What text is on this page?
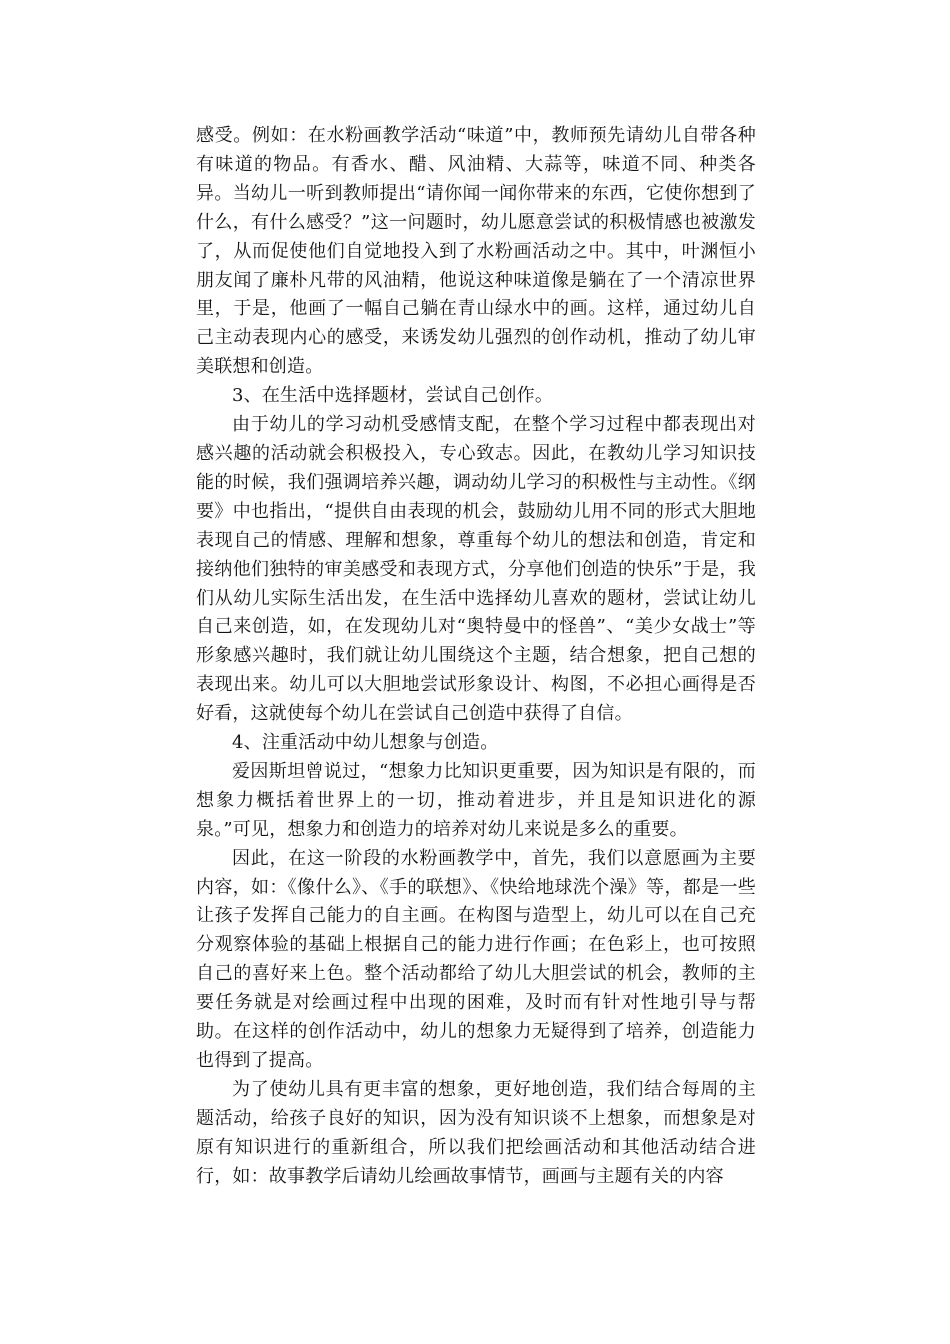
感受。例如：在水粉画教学活动“味道”中，教师预先请幼儿自带各种有味道的物品。有香水、醋、风油精、大蒜等，味道不同、种类各异。当幼儿一听到教师提出“请你闻一闻你带来的东西，它使你想到了什么，有什么感受？”这一问题时，幼儿愿意尝试的积极情感也被激发了，从而促使他们自觉地投入到了水粉画活动之中。其中，叶渊恒小朋友闻了廉朴凡带的风油精，他说这种味道像是躺在了一个清凉世界里，于是，他画了一幅自己躺在青山绿水中的画。这样，通过幼儿自己主动表现内心的感受，来诱发幼儿强烈的创作动机，推动了幼儿审美联想和创造。

3、在生活中选择题材，尝试自己创作。

由于幼儿的学习动机受感情支配，在整个学习过程中都表现出对感兴趣的活动就会积极投入，专心致志。因此，在教幼儿学习知识技能的时候，我们强调培养兴趣，调动幼儿学习的积极性与主动性。《纲要》中也指出，“提供自由表现的机会，鼓励幼儿用不同的形式大胆地表现自己的情感、理解和想象，尊重每个幼儿的想法和创造，肯定和接纳他们独特的审美感受和表现方式，分享他们创造的快乐”于是，我们从幼儿实际生活出发，在生活中选择幼儿喜欢的题材，尝试让幼儿自己来创造，如，在发现幼儿对“奥特曼中的怪兽”、“美少女战士”等形象感兴趣时，我们就让幼儿围绕这个主题，结合想象，把自己想的表现出来。幼儿可以大胆地尝试形象设计、构图，不必担心画得是否好看，这就使每个幼儿在尝试自己创造中获得了自信。

4、注重活动中幼儿想象与创造。

爱因斯坦曾说过，“想象力比知识更重要，因为知识是有限的，而想象力概括着世界上的一切，推动着进步，并且是知识进化的源泉。”可见，想象力和创造力的培养对幼儿来说是多么的重要。

因此，在这一阶段的水粉画教学中，首先，我们以意愿画为主要内容，如：《像什么》、《手的联想》、《快给地球洗个澡》等，都是一些让孩子发挥自己能力的自主画。在构图与造型上，幼儿可以在自己充分观察体验的基础上根据自己的能力进行作画；在色彩上，也可按照自己的喜好来上色。整个活动都给了幼儿大胆尝试的机会，教师的主要任务就是对绘画过程中出现的困难，及时而有针对性地引导与帮助。在这样的创作活动中，幼儿的想象力无疑得到了培养，创造能力也得到了提高。

为了使幼儿具有更丰富的想象，更好地创造，我们结合每周的主题活动，给孩子良好的知识，因为没有知识谈不上想象，而想象是对原有知识进行的重新组合，所以我们把绘画活动和其他活动结合进行，如：故事教学后请幼儿绘画故事情节，画画与主题有关的内容
